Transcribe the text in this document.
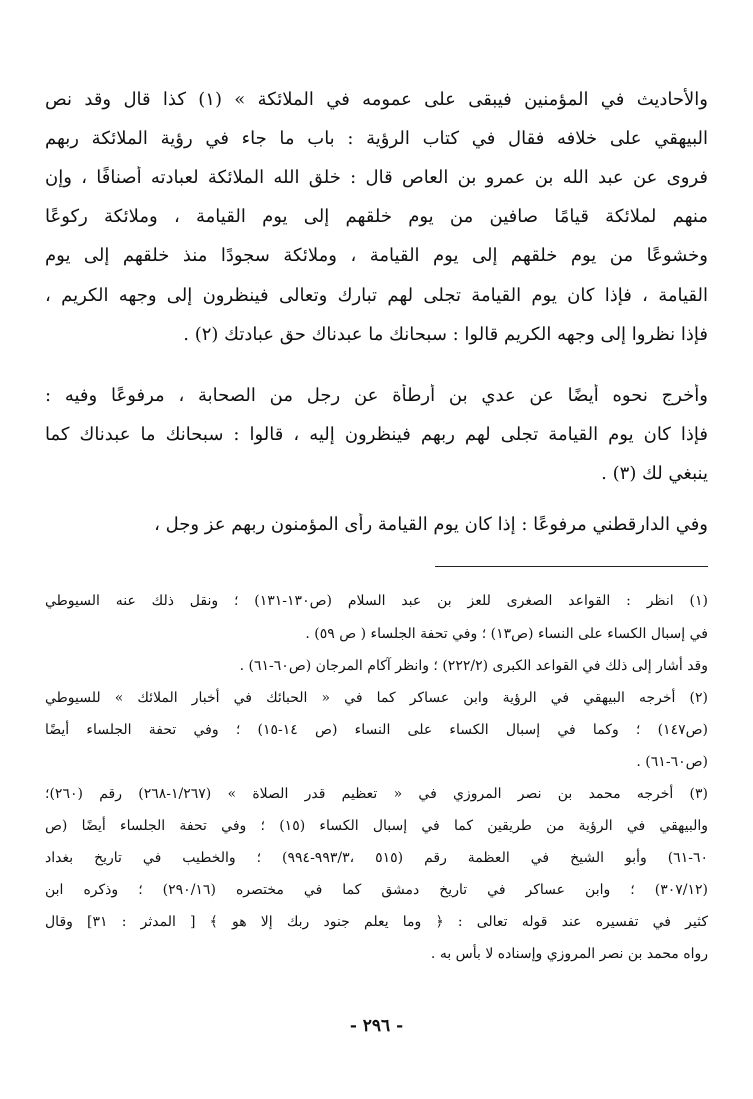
والأحاديث في المؤمنين فيبقى على عمومه في الملائكة » (١) كذا قال وقد نص
البيهقي على خلافه فقال في كتاب الرؤية : باب ما جاء في رؤية الملائكة ربهم
فروى عن عبد الله بن عمرو بن العاص قال : خلق الله الملائكة لعبادته أصنافًا ، وإن
منهم لملائكة قيامًا صافين من يوم خلقهم إلى يوم القيامة ، وملائكة ركوعًا
وخشوعًا من يوم خلقهم إلى يوم القيامة ، وملائكة سجودًا منذ خلقهم إلى يوم
القيامة ، فإذا كان يوم القيامة تجلى لهم تبارك وتعالى فينظرون إلى وجهه الكريم ،
فإذا نظروا إلى وجهه الكريم قالوا : سبحانك ما عبدناك حق عبادتك (٢) .
وأخرج نحوه أيضًا عن عدي بن أرطأة عن رجل من الصحابة ، مرفوعًا وفيه :
فإذا كان يوم القيامة تجلى لهم ربهم فينظرون إليه ، قالوا : سبحانك ما عبدناك كما
ينبغي لك (٣) .
وفي الدارقطني مرفوعًا : إذا كان يوم القيامة رأى المؤمنون ربهم عز وجل ،
(١) انظر : القواعد الصغرى للعز بن عبد السلام (ص١٣٠-١٣١) ؛ ونقل ذلك عنه السيوطي
في إسبال الكساء على النساء (ص١٣) ؛ وفي تحفة الجلساء ( ص ٥٩) .
وقد أشار إلى ذلك في القواعد الكبرى (٢٢٢/٢) ؛ وانظر آكام المرجان (ص٦٠-٦١) .
(٢) أخرجه البيهقي في الرؤية وابن عساكر كما في « الحبائك في أخبار الملائك » للسيوطي
(ص١٤٧) ؛ وكما في إسبال الكساء على النساء (ص ١٤-١٥) ؛ وفي تحفة الجلساء أيضًا
(ص٦٠-٦١) .
(٣) أخرجه محمد بن نصر المروزي في « تعظيم قدر الصلاة » (١/٢٦٧-٢٦٨) رقم (٢٦٠)؛
والبيهقي في الرؤية من طريقين كما في إسبال الكساء (١٥) ؛ وفي تحفة الجلساء أيضًا (ص
٦٠-٦١) وأبو الشيخ في العظمة رقم (٥١٥ ،٩٩٣/٣-٩٩٤) ؛ والخطيب في تاريخ بغداد
(٣٠٧/١٢) ؛ وابن عساكر في تاريخ دمشق كما في مختصره (٢٩٠/١٦) ؛ وذكره ابن
كثير في تفسيره عند قوله تعالى : ﴿ وما يعلم جنود ربك إلا هو ﴾ [ المدثر : ٣١] وقال
رواه محمد بن نصر المروزي وإسناده لا بأس به .
- ٢٩٦ -
